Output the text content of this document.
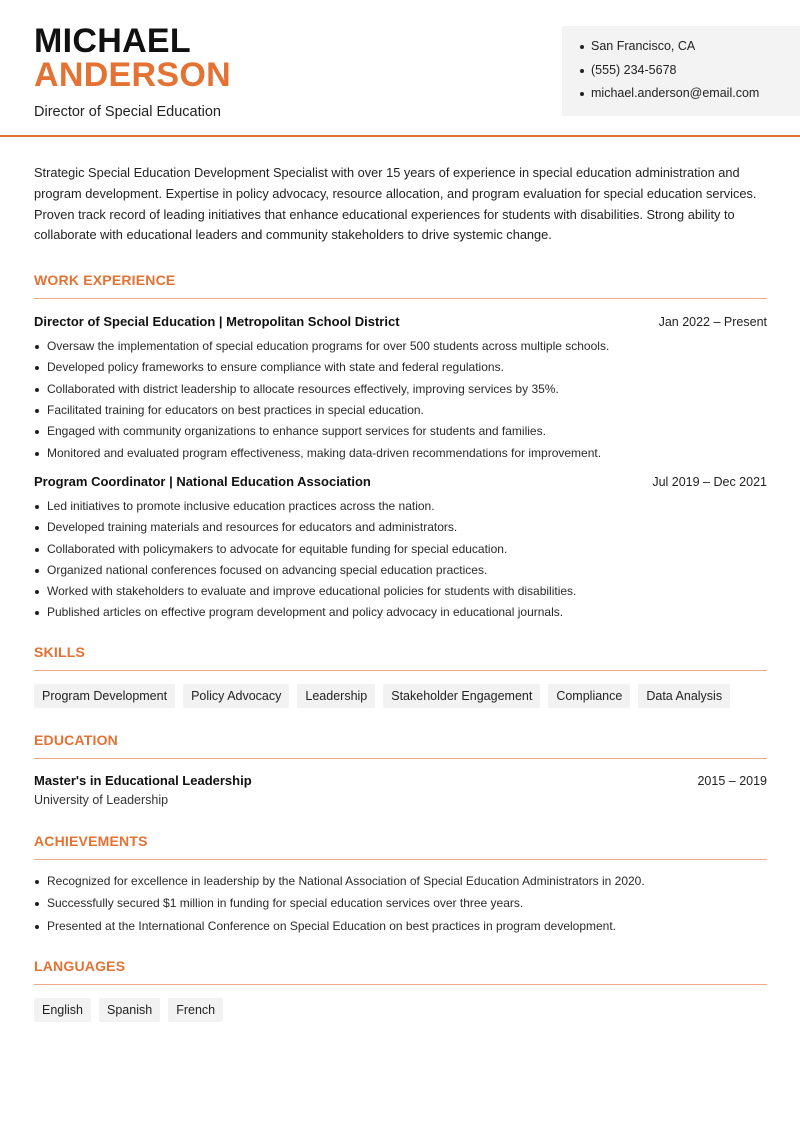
MICHAEL
ANDERSON
Director of Special Education
San Francisco, CA
(555) 234-5678
michael.anderson@email.com

Strategic Special Education Development Specialist with over 15 years of experience in special education administration and program development. Expertise in policy advocacy, resource allocation, and program evaluation for special education services. Proven track record of leading initiatives that enhance educational experiences for students with disabilities. Strong ability to collaborate with educational leaders and community stakeholders to drive systemic change.

WORK EXPERIENCE
Director of Special Education | Metropolitan School District	Jan 2022 – Present
Oversaw the implementation of special education programs for over 500 students across multiple schools.
Developed policy frameworks to ensure compliance with state and federal regulations.
Collaborated with district leadership to allocate resources effectively, improving services by 35%.
Facilitated training for educators on best practices in special education.
Engaged with community organizations to enhance support services for students and families.
Monitored and evaluated program effectiveness, making data-driven recommendations for improvement.
Program Coordinator | National Education Association	Jul 2019 – Dec 2021
Led initiatives to promote inclusive education practices across the nation.
Developed training materials and resources for educators and administrators.
Collaborated with policymakers to advocate for equitable funding for special education.
Organized national conferences focused on advancing special education practices.
Worked with stakeholders to evaluate and improve educational policies for students with disabilities.
Published articles on effective program development and policy advocacy in educational journals.
SKILLS
Program Development	Policy Advocacy	Leadership	Stakeholder Engagement	Compliance	Data Analysis
EDUCATION
Master's in Educational Leadership	2015 – 2019
University of Leadership
ACHIEVEMENTS
Recognized for excellence in leadership by the National Association of Special Education Administrators in 2020.
Successfully secured $1 million in funding for special education services over three years.
Presented at the International Conference on Special Education on best practices in program development.
LANGUAGES
English	Spanish	French
